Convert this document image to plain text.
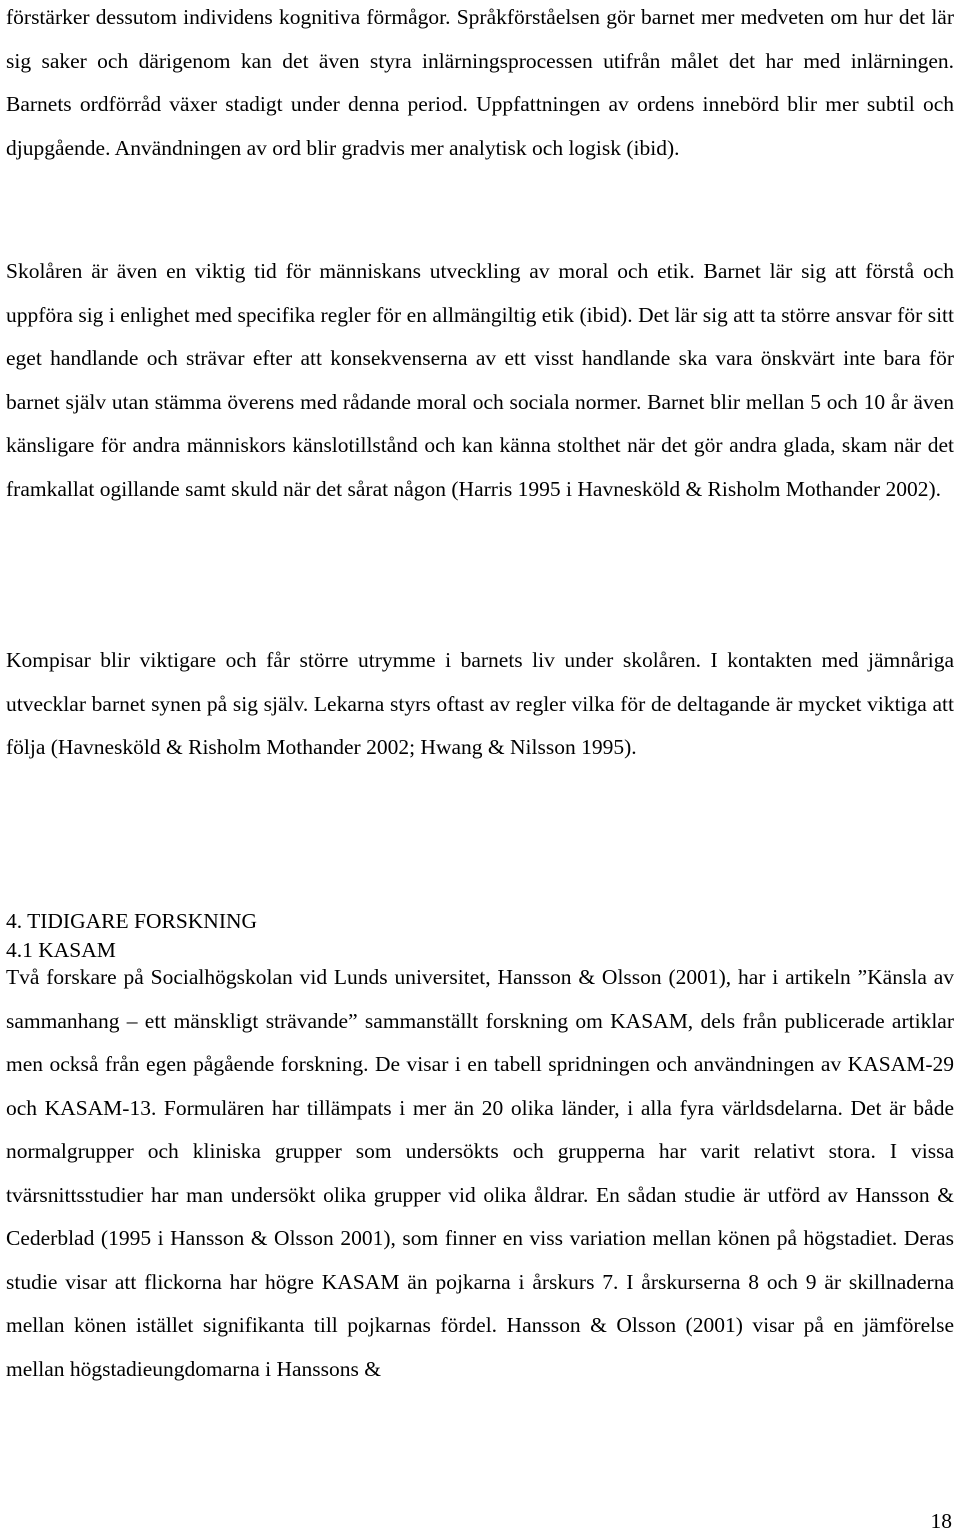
förstärker dessutom individens kognitiva förmågor. Språkförståelsen gör barnet mer medveten om hur det lär sig saker och därigenom kan det även styra inlärningsprocessen utifrån målet det har med inlärningen. Barnets ordförråd växer stadigt under denna period. Uppfattningen av ordens innebörd blir mer subtil och djupgående. Användningen av ord blir gradvis mer analytisk och logisk (ibid).

Skolåren är även en viktig tid för människans utveckling av moral och etik. Barnet lär sig att förstå och uppföra sig i enlighet med specifika regler för en allmängiltig etik (ibid). Det lär sig att ta större ansvar för sitt eget handlande och strävar efter att konsekvenserna av ett visst handlande ska vara önskvärt inte bara för barnet själv utan stämma överens med rådande moral och sociala normer. Barnet blir mellan 5 och 10 år även känsligare för andra människors känslotillstånd och kan känna stolthet när det gör andra glada, skam när det framkallat ogillande samt skuld när det sårat någon (Harris 1995 i Havnesköld & Risholm Mothander 2002).

Kompisar blir viktigare och får större utrymme i barnets liv under skolåren. I kontakten med jämnåriga utvecklar barnet synen på sig själv. Lekarna styrs oftast av regler vilka för de deltagande är mycket viktiga att följa (Havnesköld & Risholm Mothander 2002; Hwang & Nilsson 1995).

4. TIDIGARE FORSKNING
4.1 KASAM

Två forskare på Socialhögskolan vid Lunds universitet, Hansson & Olsson (2001), har i artikeln ”Känsla av sammanhang – ett mänskligt strävande” sammanställt forskning om KASAM, dels från publicerade artiklar men också från egen pågående forskning. De visar i en tabell spridningen och användningen av KASAM-29 och KASAM-13. Formulären har tillämpats i mer än 20 olika länder, i alla fyra världsdelarna. Det är både normalgrupper och kliniska grupper som undersökts och grupperna har varit relativt stora. I vissa tvärsnittsstudier har man undersökt olika grupper vid olika åldrar. En sådan studie är utförd av Hansson & Cederblad (1995 i Hansson & Olsson 2001), som finner en viss variation mellan könen på högstadiet. Deras studie visar att flickorna har högre KASAM än pojkarna i årskurs 7. I årskurserna 8 och 9 är skillnaderna mellan könen istället signifikanta till pojkarnas fördel. Hansson & Olsson (2001) visar på en jämförelse mellan högstadieungdomarna i Hanssons &

18
